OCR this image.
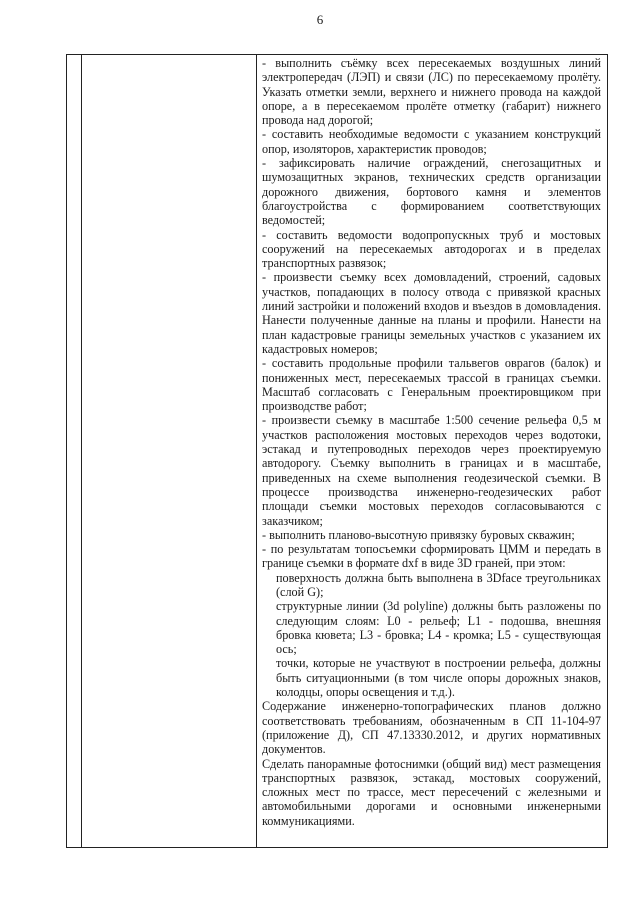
6

- выполнить съёмку всех пересекаемых воздушных линий электропередач (ЛЭП) и связи (ЛС) по пересекаемому пролёту. Указать отметки земли, верхнего и нижнего провода на каждой опоре, а в пересекаемом пролёте отметку (габарит) нижнего провода над дорогой;

- составить необходимые ведомости с указанием конструкций опор, изоляторов, характеристик проводов;

- зафиксировать наличие ограждений, снегозащитных и шумозащитных экранов, технических средств организации дорожного движения, бортового камня и элементов благоустройства с формированием соответствующих ведомостей;

- составить ведомости водопропускных труб и мостовых сооружений на пересекаемых автодорогах и в пределах транспортных развязок;

- произвести съемку всех домовладений, строений, садовых участков, попадающих в полосу отвода с привязкой красных линий застройки и положений входов и въездов в домовладения. Нанести полученные данные на планы и профили. Нанести на план кадастровые границы земельных участков с указанием их кадастровых номеров;

- составить продольные профили тальвегов оврагов (балок) и пониженных мест, пересекаемых трассой в границах съемки. Масштаб согласовать с Генеральным проектировщиком при производстве работ;

- произвести съемку в масштабе 1:500 сечение рельефа 0,5 м участков расположения мостовых переходов через водотоки, эстакад и путепроводных переходов через проектируемую автодорогу. Съемку выполнить в границах и в масштабе, приведенных на схеме выполнения геодезической съемки. В процессе производства инженерно-геодезических работ площади съемки мостовых переходов согласовываются с заказчиком;

- выполнить планово-высотную привязку буровых скважин;

- по результатам топосъемки сформировать ЦММ и передать в границе съемки в формате dxf в виде 3D граней, при этом:

поверхность должна быть выполнена в 3Dface треугольниках (слой G);

структурные линии (3d polyline) должны быть разложены по следующим слоям: L0 - рельеф; L1 - подошва, внешняя бровка кювета; L3 - бровка; L4 - кромка; L5 - существующая ось;

точки, которые не участвуют в построении рельефа, должны быть ситуационными (в том числе опоры дорожных знаков, колодцы, опоры освещения и т.д.).

Содержание инженерно-топографических планов должно соответствовать требованиям, обозначенным в СП 11-104-97 (приложение Д), СП 47.13330.2012, и других нормативных документов.

Сделать панорамные фотоснимки (общий вид) мест размещения транспортных развязок, эстакад, мостовых сооружений, сложных мест по трассе, мест пересечений с железными и автомобильными дорогами и основными инженерными коммуникациями.
